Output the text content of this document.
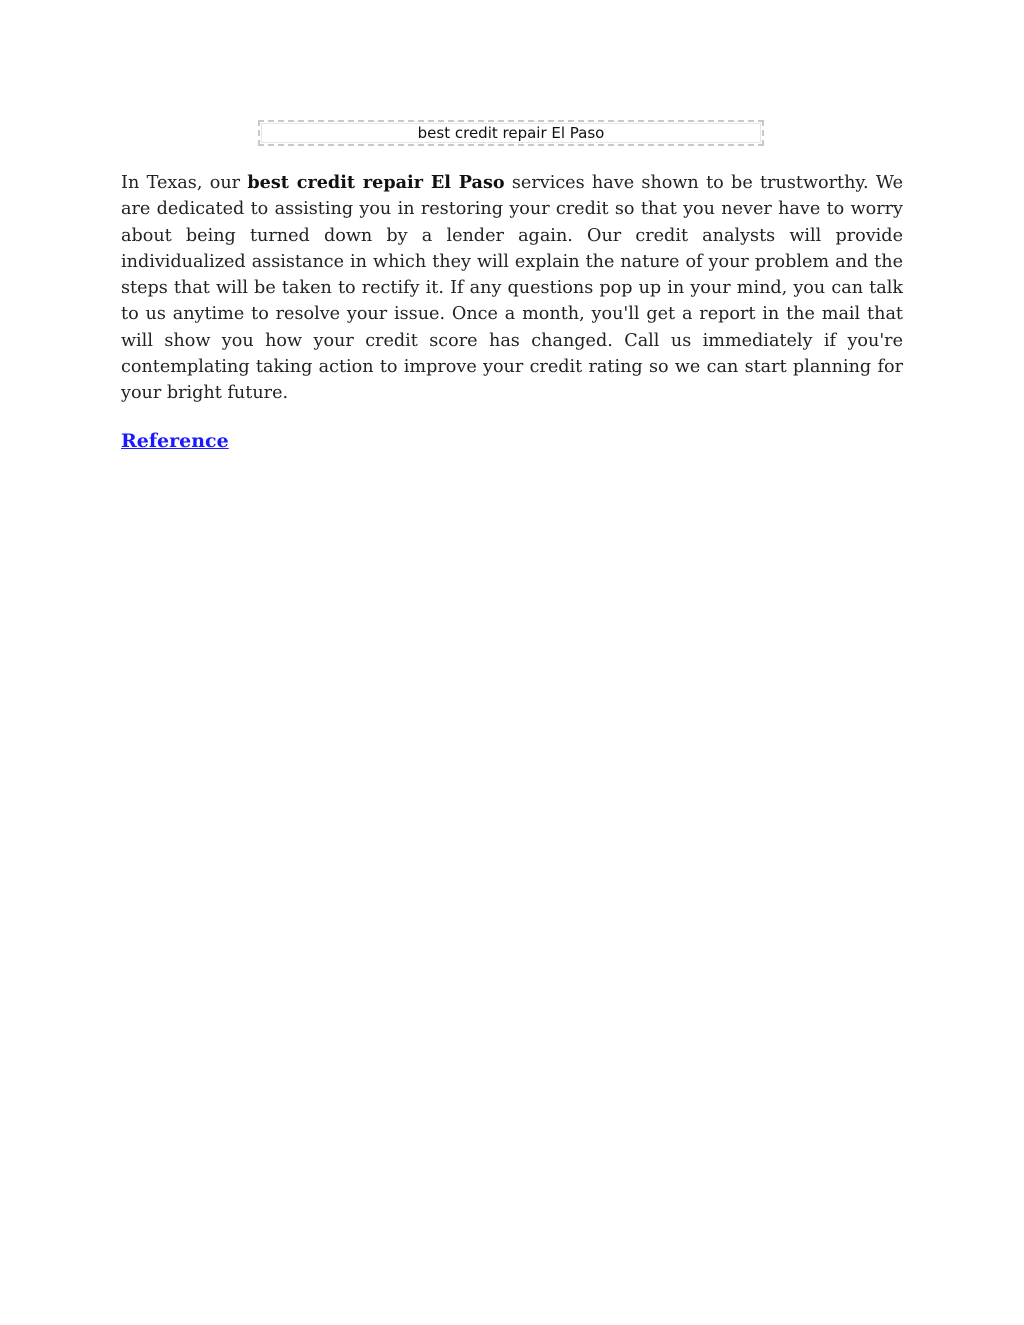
best credit repair El Paso

In Texas, our best credit repair El Paso services have shown to be trustworthy. We are dedicated to assisting you in restoring your credit so that you never have to worry about being turned down by a lender again. Our credit analysts will provide individualized assistance in which they will explain the nature of your problem and the steps that will be taken to rectify it. If any questions pop up in your mind, you can talk to us anytime to resolve your issue. Once a month, you'll get a report in the mail that will show you how your credit score has changed. Call us immediately if you're contemplating taking action to improve your credit rating so we can start planning for your bright future.

Reference
